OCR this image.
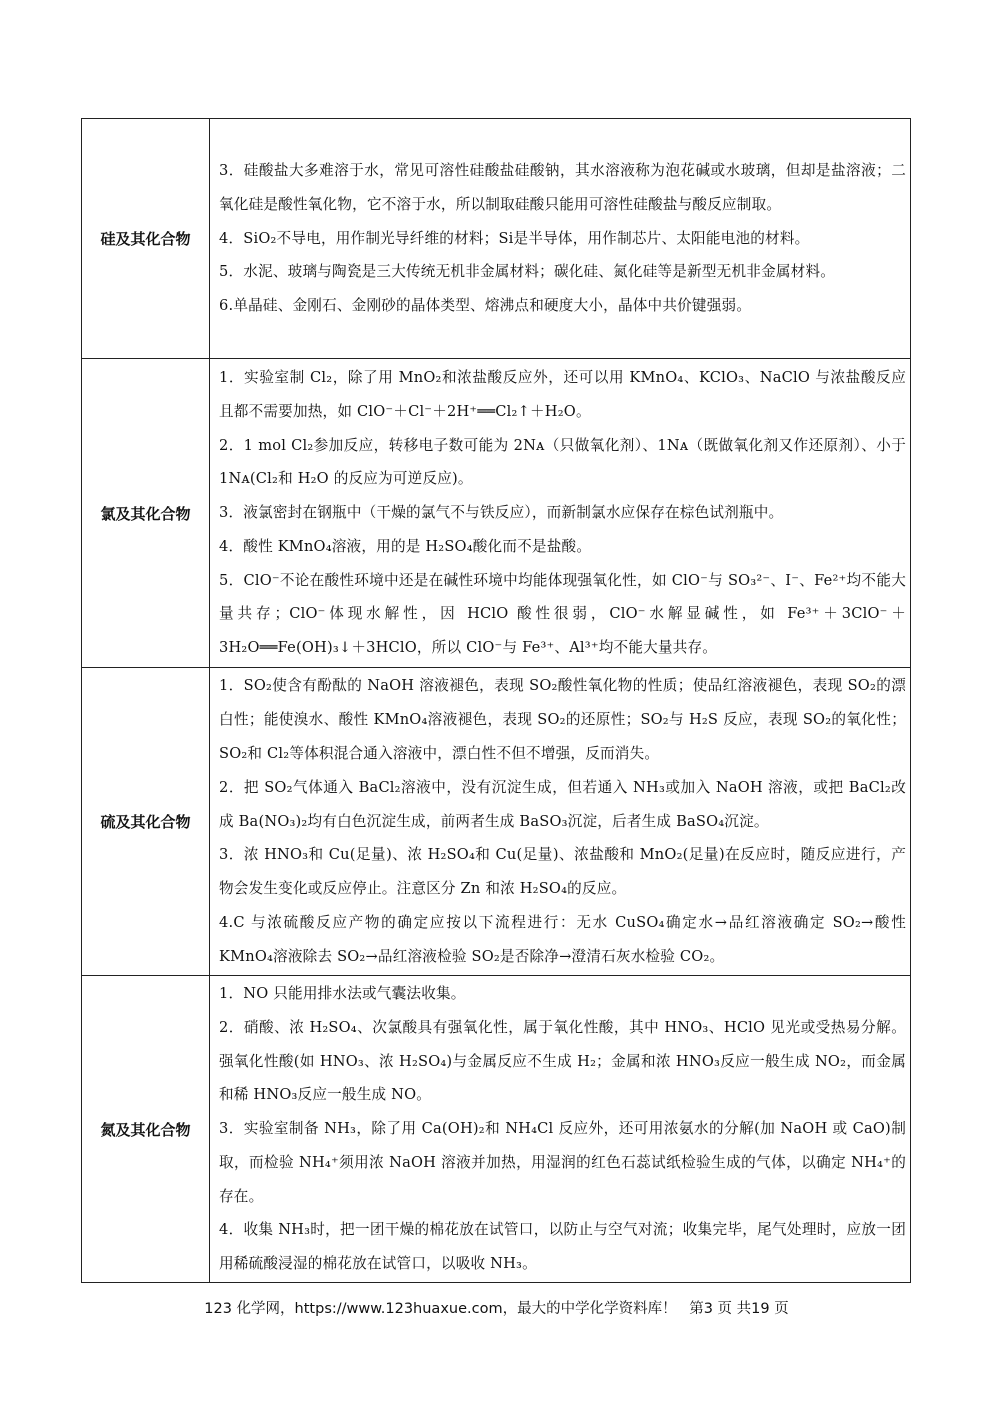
硅及其化合物	3．硅酸盐大多难溶于水，常见可溶性硅酸盐硅酸钠，其水溶液称为泡花碱或水玻璃，但却是盐溶液；二氧化硅是酸性氧化物，它不溶于水，所以制取硅酸只能用可溶性硅酸盐与酸反应制取。

4．SiO₂不导电，用作制光导纤维的材料；Si是半导体，用作制芯片、太阳能电池的材料。

5．水泥、玻璃与陶瓷是三大传统无机非金属材料；碳化硅、氮化硅等是新型无机非金属材料。

6.单晶硅、金刚石、金刚砂的晶体类型、熔沸点和硬度大小，晶体中共价键强弱。

氯及其化合物	1．实验室制 Cl₂，除了用 MnO₂和浓盐酸反应外，还可以用 KMnO₄、KClO₃、NaClO 与浓盐酸反应且都不需要加热，如 ClO⁻＋Cl⁻＋2H⁺══Cl₂↑＋H₂O。

2．1 mol Cl₂参加反应，转移电子数可能为 2Nᴀ（只做氧化剂）、1Nᴀ（既做氧化剂又作还原剂）、小于 1Nᴀ(Cl₂和 H₂O 的反应为可逆反应)。

3．液氯密封在钢瓶中（干燥的氯气不与铁反应），而新制氯水应保存在棕色试剂瓶中。

4．酸性 KMnO₄溶液，用的是 H₂SO₄酸化而不是盐酸。

5．ClO⁻不论在酸性环境中还是在碱性环境中均能体现强氧化性，如 ClO⁻与 SO₃²⁻、I⁻、Fe²⁺均不能大量共存；ClO⁻体现水解性，因 HClO 酸性很弱，ClO⁻水解显碱性，如 Fe³⁺＋3ClO⁻＋3H₂O══Fe(OH)₃↓＋3HClO，所以 ClO⁻与 Fe³⁺、Al³⁺均不能大量共存。

硫及其化合物	1．SO₂使含有酚酞的 NaOH 溶液褪色，表现 SO₂酸性氧化物的性质；使品红溶液褪色，表现 SO₂的漂白性；能使溴水、酸性 KMnO₄溶液褪色，表现 SO₂的还原性；SO₂与 H₂S 反应，表现 SO₂的氧化性；SO₂和 Cl₂等体积混合通入溶液中，漂白性不但不增强，反而消失。

2．把 SO₂气体通入 BaCl₂溶液中，没有沉淀生成，但若通入 NH₃或加入 NaOH 溶液，或把 BaCl₂改成 Ba(NO₃)₂均有白色沉淀生成，前两者生成 BaSO₃沉淀，后者生成 BaSO₄沉淀。

3．浓 HNO₃和 Cu(足量)、浓 H₂SO₄和 Cu(足量)、浓盐酸和 MnO₂(足量)在反应时，随反应进行，产物会发生变化或反应停止。注意区分 Zn 和浓 H₂SO₄的反应。

4.C 与浓硫酸反应产物的确定应按以下流程进行：无水 CuSO₄确定水→品红溶液确定 SO₂→酸性 KMnO₄溶液除去 SO₂→品红溶液检验 SO₂是否除净→澄清石灰水检验 CO₂。

氮及其化合物	1．NO 只能用排水法或气囊法收集。

2．硝酸、浓 H₂SO₄、次氯酸具有强氧化性，属于氧化性酸，其中 HNO₃、HClO 见光或受热易分解。强氧化性酸(如 HNO₃、浓 H₂SO₄)与金属反应不生成 H₂；金属和浓 HNO₃反应一般生成 NO₂，而金属和稀 HNO₃反应一般生成 NO。

3．实验室制备 NH₃，除了用 Ca(OH)₂和 NH₄Cl 反应外，还可用浓氨水的分解(加 NaOH 或 CaO)制取，而检验 NH₄⁺须用浓 NaOH 溶液并加热，用湿润的红色石蕊试纸检验生成的气体，以确定 NH₄⁺的存在。

4．收集 NH₃时，把一团干燥的棉花放在试管口，以防止与空气对流；收集完毕，尾气处理时，应放一团用稀硫酸浸湿的棉花放在试管口，以吸收 NH₃。

123 化学网，https://www.123huaxue.com，最大的中学化学资料库！ 第3 页 共19 页
